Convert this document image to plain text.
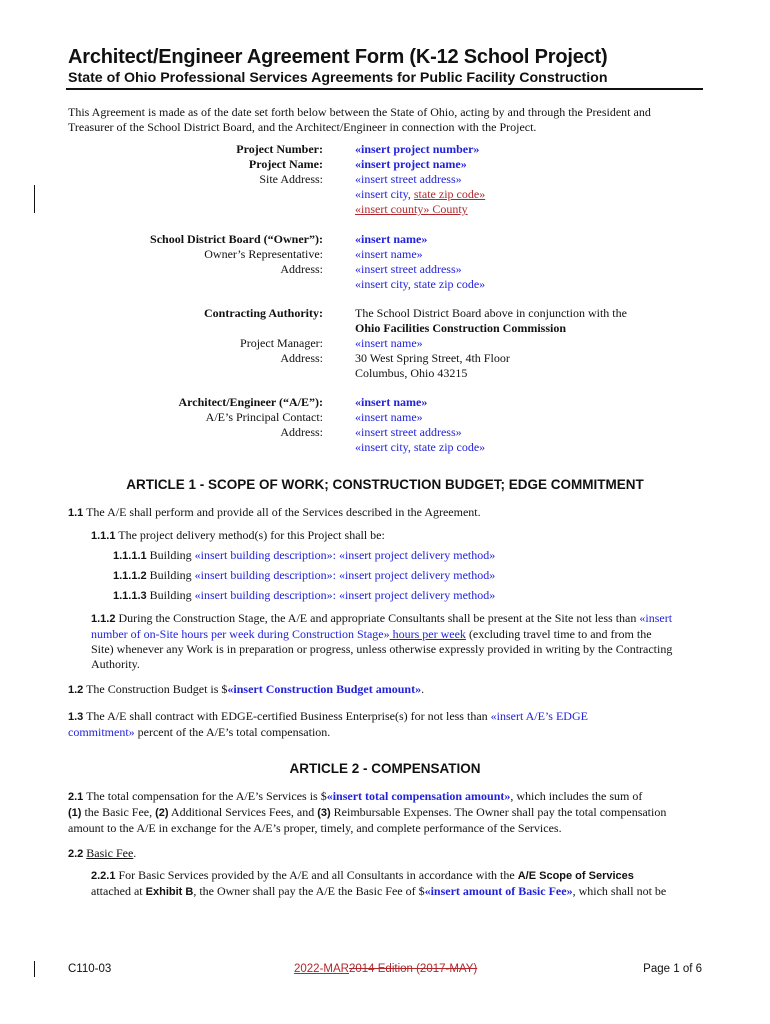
Architect/Engineer Agreement Form (K-12 School Project)
State of Ohio Professional Services Agreements for Public Facility Construction
This Agreement is made as of the date set forth below between the State of Ohio, acting by and through the President and
Treasurer of the School District Board, and the Architect/Engineer in connection with the Project.
Project Number:
Project Name:
Site Address:
«insert project number»
«insert project name»
«insert street address»
«insert city, state zip code»
«insert county» County
School District Board (“Owner”):
Owner’s Representative:
Address:
«insert name»
«insert name»
«insert street address»
«insert city, state zip code»
Contracting Authority:
Project Manager:
Address:
The School District Board above in conjunction with the
Ohio Facilities Construction Commission
«insert name»
30 West Spring Street, 4th Floor
Columbus, Ohio 43215
Architect/Engineer (“A/E”):
A/E’s Principal Contact:
Address:
«insert name»
«insert name»
«insert street address»
«insert city, state zip code»
ARTICLE 1 - SCOPE OF WORK; CONSTRUCTION BUDGET; EDGE COMMITMENT
1.1 The A/E shall perform and provide all of the Services described in the Agreement.
1.1.1 The project delivery method(s) for this Project shall be:
1.1.1.1 Building «insert building description»: «insert project delivery method»
1.1.1.2 Building «insert building description»: «insert project delivery method»
1.1.1.3 Building «insert building description»: «insert project delivery method»
1.1.2 During the Construction Stage, the A/E and appropriate Consultants shall be present at the Site not less than «insert
number of on-Site hours per week during Construction Stage» hours per week (excluding travel time to and from the
Site) whenever any Work is in preparation or progress, unless otherwise expressly provided in writing by the Contracting
Authority.
1.2 The Construction Budget is $«insert Construction Budget amount».
1.3 The A/E shall contract with EDGE-certified Business Enterprise(s) for not less than «insert A/E’s EDGE
commitment» percent of the A/E’s total compensation.
ARTICLE 2 - COMPENSATION
2.1 The total compensation for the A/E’s Services is $«insert total compensation amount», which includes the sum of
(1) the Basic Fee, (2) Additional Services Fees, and (3) Reimbursable Expenses. The Owner shall pay the total compensation
amount to the A/E in exchange for the A/E’s proper, timely, and complete performance of the Services.
2.2 Basic Fee.
2.2.1 For Basic Services provided by the A/E and all Consultants in accordance with the A/E Scope of Services
attached at Exhibit B, the Owner shall pay the A/E the Basic Fee of $«insert amount of Basic Fee», which shall not be
C110-03	2022-MAR2014 Edition (2017-MAY)	Page 1 of 6
